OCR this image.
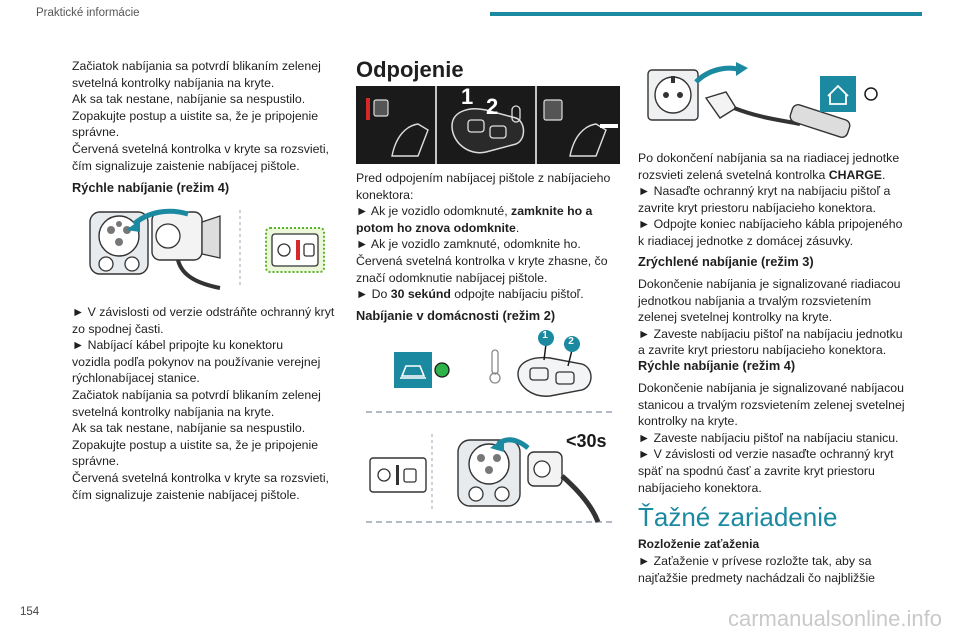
Praktické informácie

Začiatok nabíjania sa potvrdí blikaním zelenej

svetelná kontrolky nabíjania na kryte.

Ak sa tak nestane, nabíjanie sa nespustilo.

Zopakujte postup a uistite sa, že je pripojenie

správne.

Červená svetelná kontrolka v kryte sa rozsvieti,

čím signalizuje zaistenie nabíjacej pištole.

Rýchle nabíjanie (režim 4)

► V závislosti od verzie odstráňte ochranný kryt

zo spodnej časti.

► Nabíjací kábel pripojte ku konektoru

vozidla podľa pokynov na používanie verejnej

rýchlonabíjacej stanice.

Začiatok nabíjania sa potvrdí blikaním zelenej

svetelná kontrolky nabíjania na kryte.

Ak sa tak nestane, nabíjanie sa nespustilo.

Zopakujte postup a uistite sa, že je pripojenie

správne.

Červená svetelná kontrolka v kryte sa rozsvieti,

čím signalizuje zaistenie nabíjacej pištole.

Odpojenie

1 2

Pred odpojením nabíjacej pištole z nabíjacieho

konektora:

► Ak je vozidlo odomknuté, zamknite ho a

potom ho znova odomknite.

► Ak je vozidlo zamknuté, odomknite ho.

Červená svetelná kontrolka v kryte zhasne, čo

značí odomknutie nabíjacej pištole.

► Do 30 sekúnd odpojte nabíjaciu pištoľ.

Nabíjanie v domácnosti (režim 2)

1
2
<30s

Po dokončení nabíjania sa na riadiacej jednotke

rozsvieti zelená svetelná kontrolka CHARGE.

► Nasaďte ochranný kryt na nabíjaciu pištoľ a

zavrite kryt priestoru nabíjacieho konektora.

► Odpojte koniec nabíjacieho kábla pripojeného

k riadiacej jednotke z domácej zásuvky.

Zrýchlené nabíjanie (režim 3)

Dokončenie nabíjania je signalizované riadiacou

jednotkou nabíjania a trvalým rozsvietením

zelenej svetelnej kontrolky na kryte.

► Zaveste nabíjaciu pištoľ na nabíjaciu jednotku

a zavrite kryt priestoru nabíjacieho konektora.

Rýchle nabíjanie (režim 4)

Dokončenie nabíjania je signalizované nabíjacou

stanicou a trvalým rozsvietením zelenej svetelnej

kontrolky na kryte.

► Zaveste nabíjaciu pištoľ na nabíjaciu stanicu.

► V závislosti od verzie nasaďte ochranný kryt

späť na spodnú časť a zavrite kryt priestoru

nabíjacieho konektora.

Ťažné zariadenie

Rozloženie zaťaženia

► Zaťaženie v prívese rozložte tak, aby sa

najťažšie predmety nachádzali čo najbližšie

154	carmanualsonline.info
